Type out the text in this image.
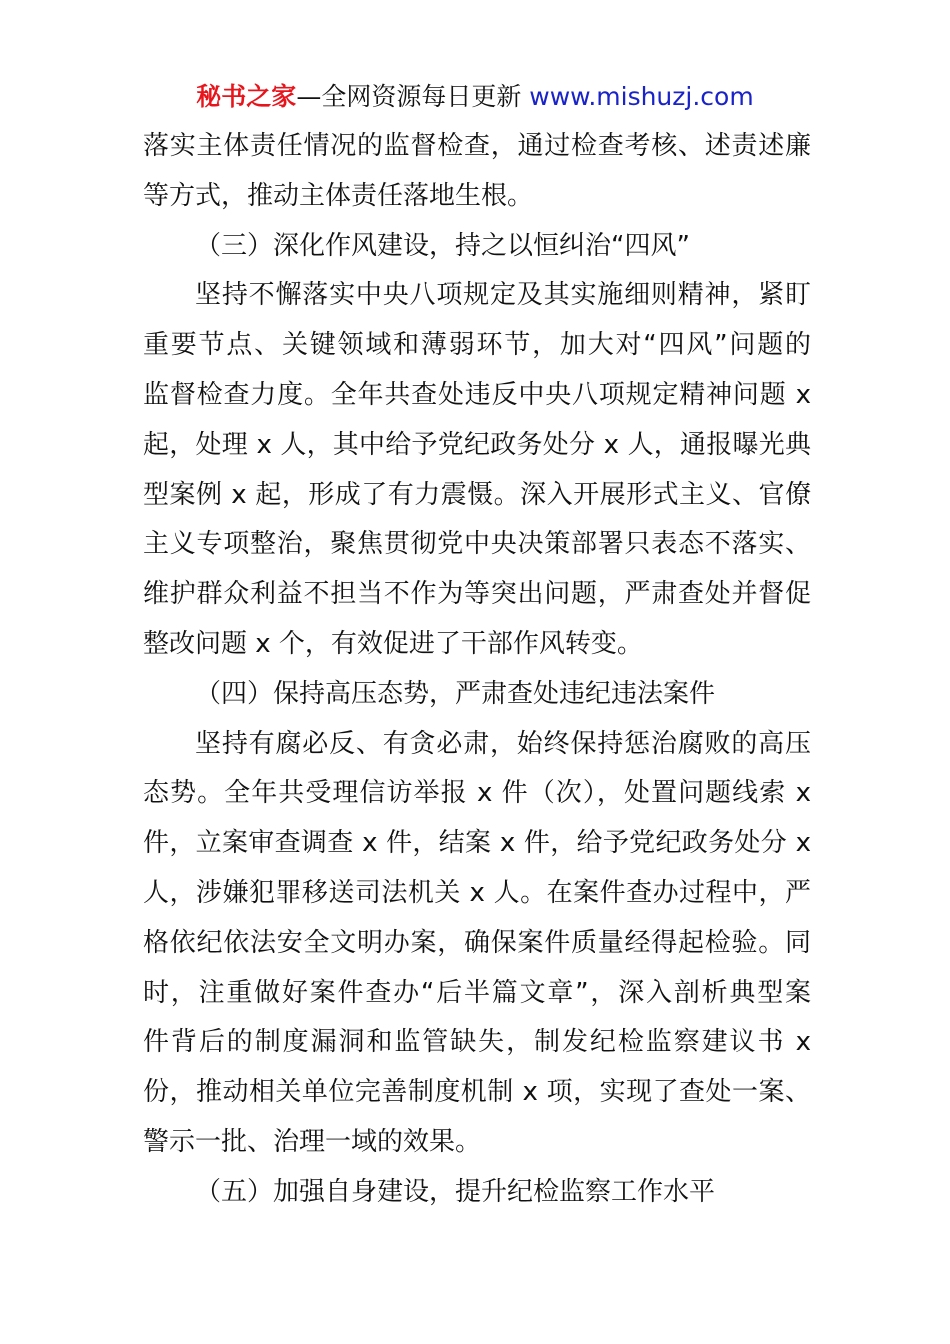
秘书之家—全网资源每日更新 www.mishuzj.com
落实主体责任情况的监督检查，通过检查考核、述责述廉
等方式，推动主体责任落地生根。
（三）深化作风建设，持之以恒纠治“四风”
坚持不懈落实中央八项规定及其实施细则精神，紧盯
重要节点、关键领域和薄弱环节，加大对“四风”问题的
监督检查力度。全年共查处违反中央八项规定精神问题 x
起，处理 x 人，其中给予党纪政务处分 x 人，通报曝光典
型案例 x 起，形成了有力震慑。深入开展形式主义、官僚
主义专项整治，聚焦贯彻党中央决策部署只表态不落实、
维护群众利益不担当不作为等突出问题，严肃查处并督促
整改问题 x 个，有效促进了干部作风转变。
（四）保持高压态势，严肃查处违纪违法案件
坚持有腐必反、有贪必肃，始终保持惩治腐败的高压
态势。全年共受理信访举报 x 件（次），处置问题线索 x
件，立案审查调查 x 件，结案 x 件，给予党纪政务处分 x
人，涉嫌犯罪移送司法机关 x 人。在案件查办过程中，严
格依纪依法安全文明办案，确保案件质量经得起检验。同
时，注重做好案件查办“后半篇文章”，深入剖析典型案
件背后的制度漏洞和监管缺失，制发纪检监察建议书 x
份，推动相关单位完善制度机制 x 项，实现了查处一案、
警示一批、治理一域的效果。
（五）加强自身建设，提升纪检监察工作水平
